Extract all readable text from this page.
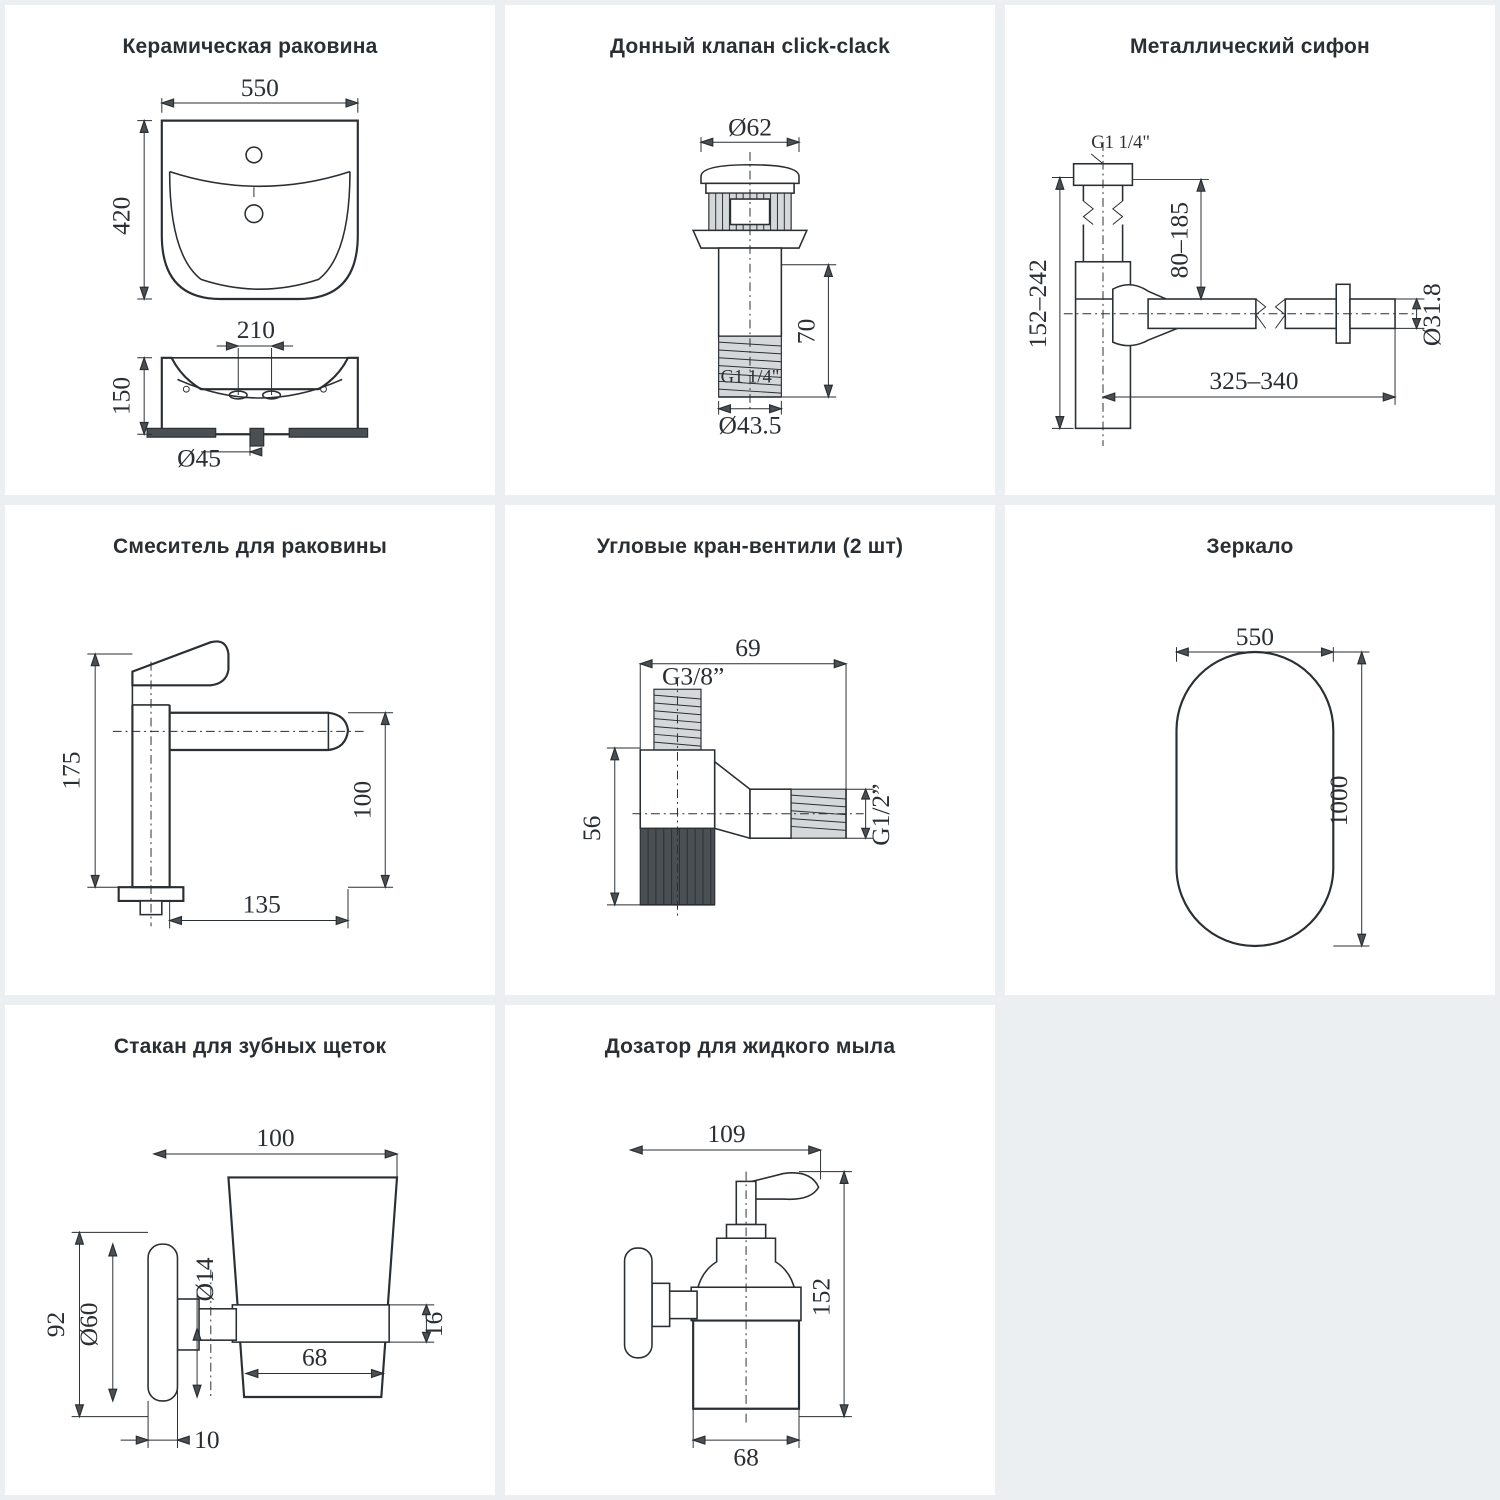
Керамическая раковина
550
420
210
150
Ø45
Донный клапан click-clack
Ø62
70
G1 1/4"
Ø43.5
Металлический сифон
G1 1/4"
80–185
152–242	Ø31.8
325–340
Смеситель для раковины
175
100
135
Угловые кран-вентили (2 шт)
69
G3/8”
56	G1/2”
Зеркало
550
1000
Стакан для зубных щеток
100
Ø14
92 Ø60	16
68
10
Дозатор для жидкого мыла
109
152
68
